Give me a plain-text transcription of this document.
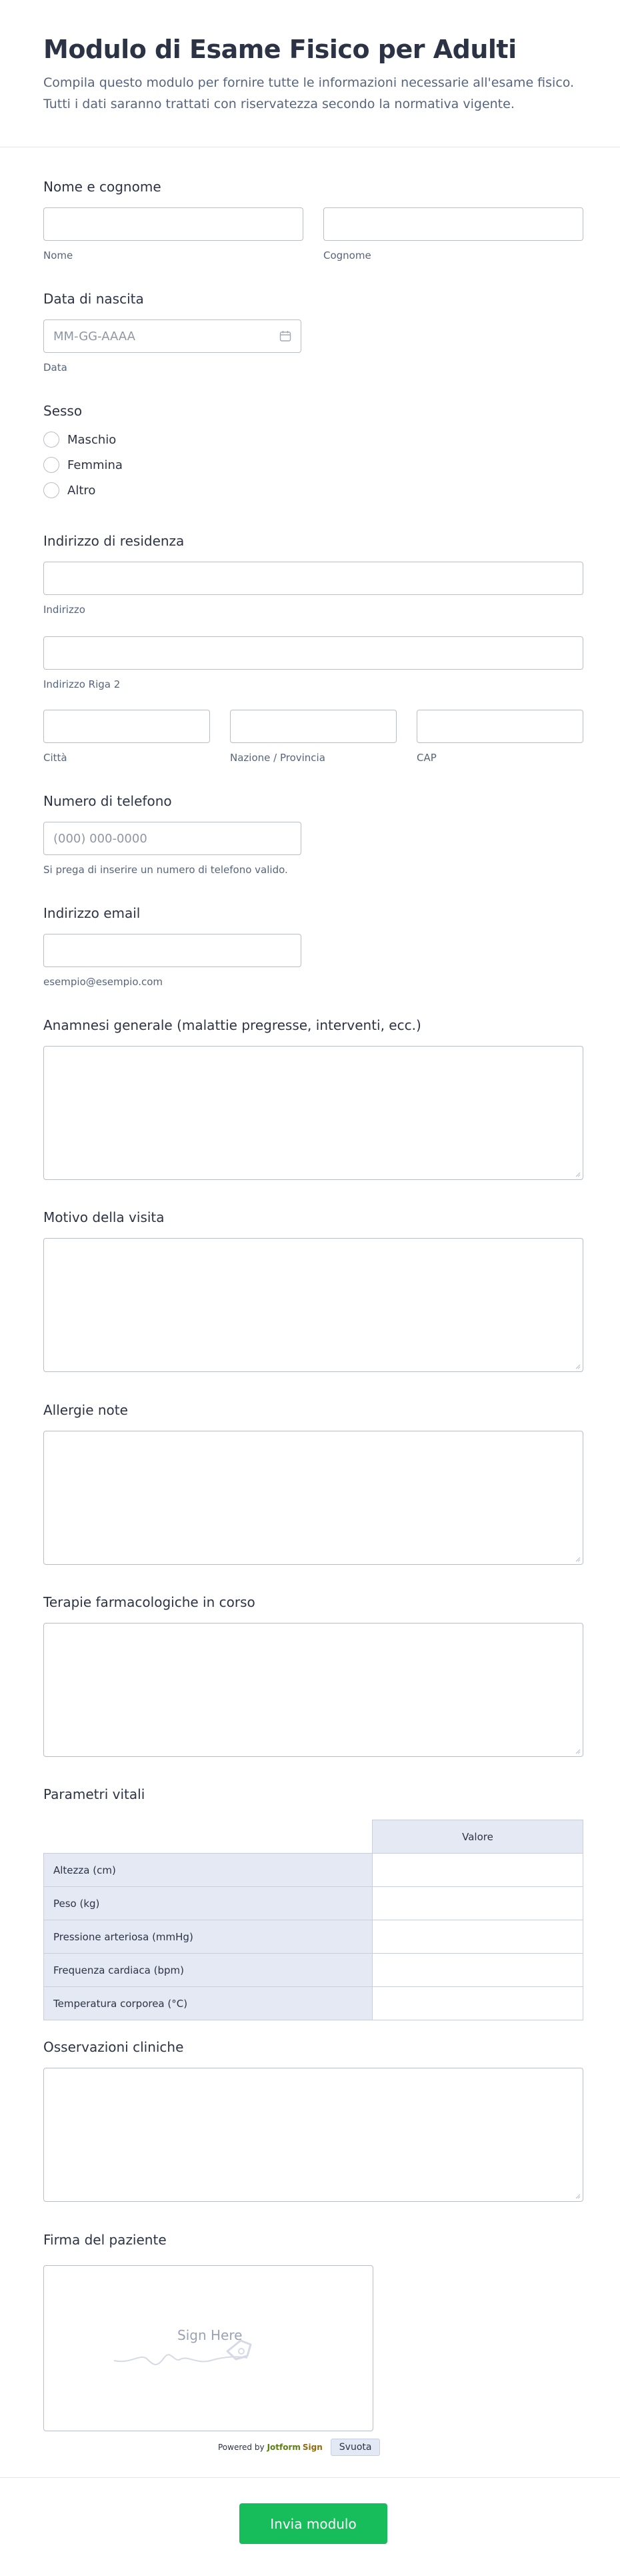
Modulo di Esame Fisico per Adulti

Compila questo modulo per fornire tutte le informazioni necessarie all'esame fisico. Tutti i dati saranno trattati con riservatezza secondo la normativa vigente.

Nome e cognome
Nome	Cognome
Data di nascita
MM-GG-AAAA
Data
Sesso
Maschio
Femmina
Altro
Indirizzo di residenza
Indirizzo
Indirizzo Riga 2
Città	Nazione / Provincia	CAP
Numero di telefono
(000) 000-0000
Si prega di inserire un numero di telefono valido.
Indirizzo email
esempio@esempio.com
Anamnesi generale (malattie pregresse, interventi, ecc.)
Motivo della visita
Allergie note
Terapie farmacologiche in corso
Parametri vitali
	Valore
Altezza (cm)	
Peso (kg)	
Pressione arteriosa (mmHg)	
Frequenza cardiaca (bpm)	
Temperatura corporea (°C)	
Osservazioni cliniche
Firma del paziente
Sign Here
Powered by Jotform Sign	Svuota
Invia modulo
